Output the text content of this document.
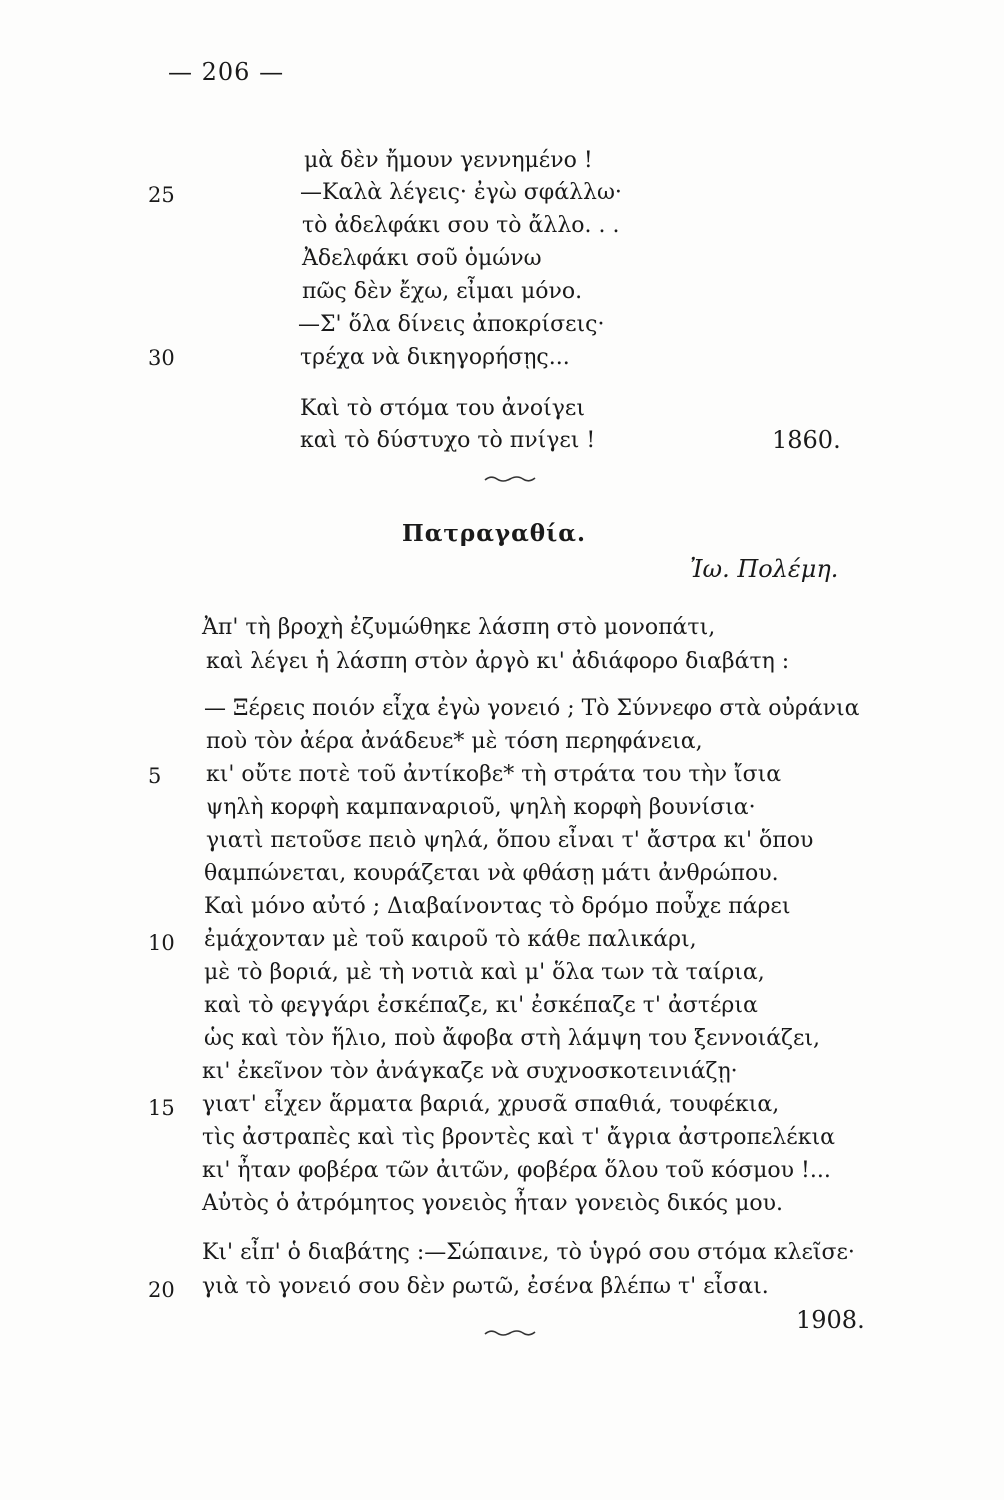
— 206 —
μὰ δὲν ἤμουν γεννημένο !
—Καλὰ λέγεις· ἐγὼ σφάλλω·
τὸ ἀδελφάκι σου τὸ ἄλλο. . .
Ἀδελφάκι σοῦ ὁμώνω
πῶς δὲν ἔχω, εἶμαι μόνο.
—Σ' ὅλα δίνεις ἀποκρίσεις·
τρέχα νὰ δικηγορήσῃς...
Καὶ τὸ στόμα του ἀνοίγει
καὶ τὸ δύστυχο τὸ πνίγει !
25
30
1860.
Πατραγαθία.
Ἰω. Πολέμη.
Ἀπ' τὴ βροχὴ ἐζυμώθηκε λάσπη στὸ μονοπάτι,
καὶ λέγει ἡ λάσπη στὸν ἀργὸ κι' ἀδιάφορο διαβάτη :
— Ξέρεις ποιόν εἶχα ἐγὼ γονειό ; Τὸ Σύννεφο στὰ οὐράνια
ποὺ τὸν ἀέρα ἀνάδευε* μὲ τόση περηφάνεια,
κι' οὔτε ποτὲ τοῦ ἀντίκοβε* τὴ στράτα του τὴν ἴσια
ψηλὴ κορφὴ καμπαναριοῦ, ψηλὴ κορφὴ βουνίσια·
γιατὶ πετοῦσε πειὸ ψηλά, ὅπου εἶναι τ' ἄστρα κι' ὅπου
θαμπώνεται, κουράζεται νὰ φθάσῃ μάτι ἀνθρώπου.
Καὶ μόνο αὐτό ; Διαβαίνοντας τὸ δρόμο ποὖχε πάρει
ἐμάχονταν μὲ τοῦ καιροῦ τὸ κάθε παλικάρι,
μὲ τὸ βοριά, μὲ τὴ νοτιὰ καὶ μ' ὅλα των τὰ ταίρια,
καὶ τὸ φεγγάρι ἐσκέπαζε, κι' ἐσκέπαζε τ' ἀστέρια
ὡς καὶ τὸν ἥλιο, ποὺ ἄφοβα στὴ λάμψη του ξεννοιάζει,
κι' ἐκεῖνον τὸν ἀνάγκαζε νὰ συχνοσκοτεινιάζῃ·
γιατ' εἶχεν ἅρματα βαριά, χρυσᾶ σπαθιά, τουφέκια,
τὶς ἀστραπὲς καὶ τὶς βροντὲς καὶ τ' ἄγρια ἀστροπελέκια
κι' ἦταν φοβέρα τῶν ἀιτῶν, φοβέρα ὅλου τοῦ κόσμου !...
Αὐτὸς ὁ ἀτρόμητος γονειὸς ἦταν γονειὸς δικός μου.
Κι' εἶπ' ὁ διαβάτης :—Σώπαινε, τὸ ὑγρό σου στόμα κλεῖσε·
γιὰ τὸ γονειό σου δὲν ρωτῶ, ἐσένα βλέπω τ' εἶσαι.
5
10
15
20
1908.
